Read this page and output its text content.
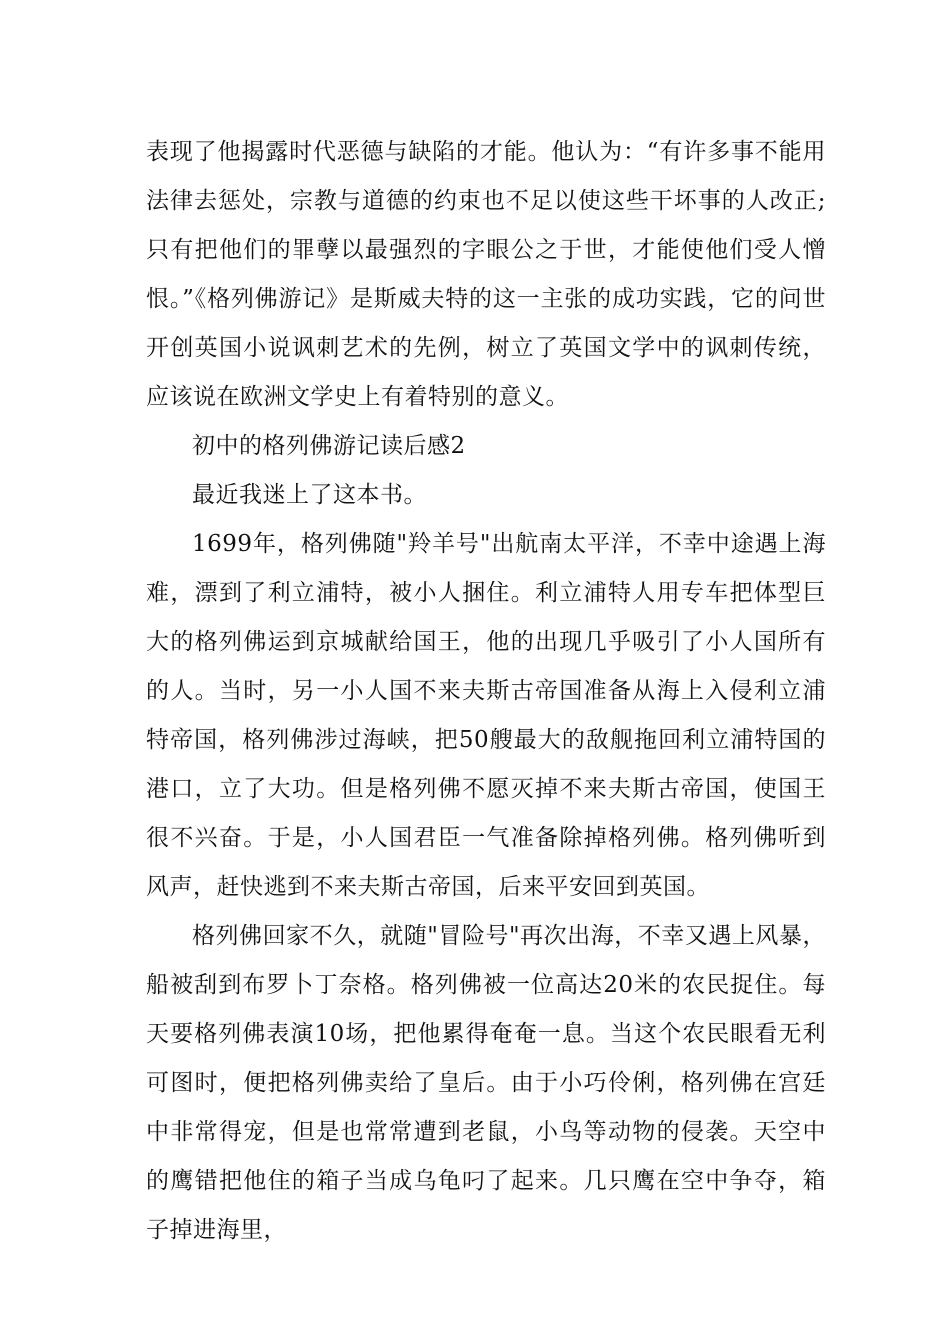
表现了他揭露时代恶德与缺陷的才能。他认为：“有许多事不能用法律去惩处，宗教与道德的约束也不足以使这些干坏事的人改正;只有把他们的罪孽以最强烈的字眼公之于世，才能使他们受人憎恨。”《格列佛游记》是斯威夫特的这一主张的成功实践，它的问世开创英国小说讽刺艺术的先例，树立了英国文学中的讽刺传统，应该说在欧洲文学史上有着特别的意义。

初中的格列佛游记读后感2

最近我迷上了这本书。

1699年，格列佛随"羚羊号"出航南太平洋，不幸中途遇上海难，漂到了利立浦特，被小人捆住。利立浦特人用专车把体型巨大的格列佛运到京城献给国王，他的出现几乎吸引了小人国所有的人。当时，另一小人国不来夫斯古帝国准备从海上入侵利立浦特帝国，格列佛涉过海峡，把50艘最大的敌舰拖回利立浦特国的港口，立了大功。但是格列佛不愿灭掉不来夫斯古帝国，使国王很不兴奋。于是，小人国君臣一气准备除掉格列佛。格列佛听到风声，赶快逃到不来夫斯古帝国，后来平安回到英国。

格列佛回家不久，就随"冒险号"再次出海，不幸又遇上风暴，船被刮到布罗卜丁奈格。格列佛被一位高达20米的农民捉住。每天要格列佛表演10场，把他累得奄奄一息。当这个农民眼看无利可图时，便把格列佛卖给了皇后。由于小巧伶俐，格列佛在宫廷中非常得宠，但是也常常遭到老鼠，小鸟等动物的侵袭。天空中的鹰错把他住的箱子当成乌龟叼了起来。几只鹰在空中争夺，箱子掉进海里，
